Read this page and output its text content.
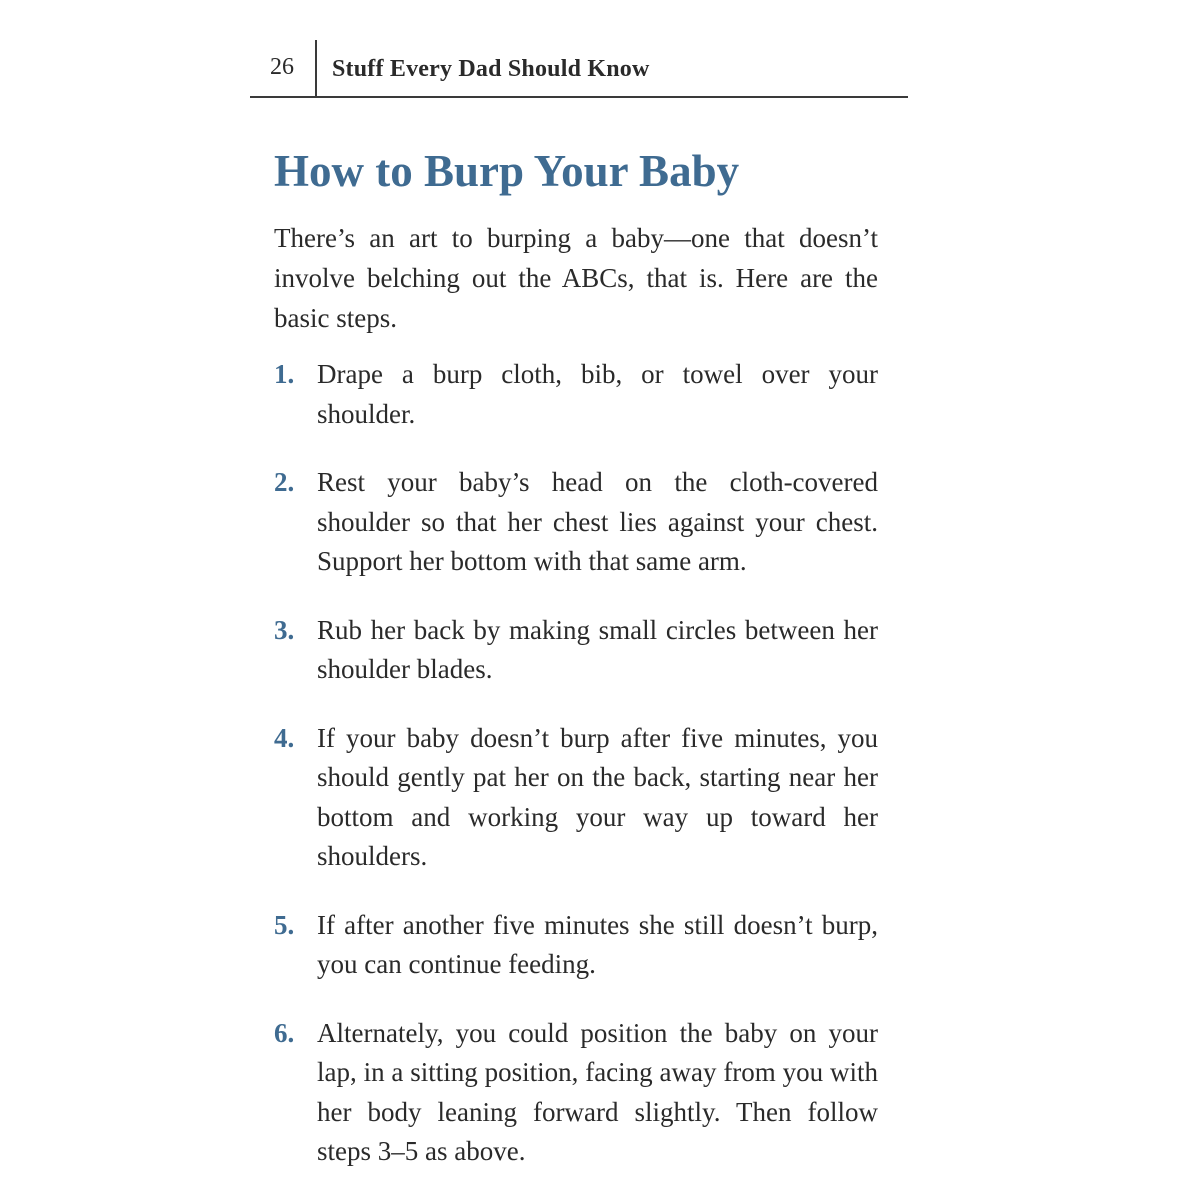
26 Stuff Every Dad Should Know
How to Burp Your Baby

There’s an art to burping a baby—one that doesn’t involve belching out the ABCs, that is. Here are the basic steps.

1. Drape a burp cloth, bib, or towel over your shoulder.
2. Rest your baby’s head on the cloth-covered shoulder so that her chest lies against your chest. Support her bottom with that same arm.
3. Rub her back by making small circles between her shoulder blades.
4. If your baby doesn’t burp after five minutes, you should gently pat her on the back, starting near her bottom and working your way up toward her shoulders.
5. If after another five minutes she still doesn’t burp, you can continue feeding.
6. Alternately, you could position the baby on your lap, in a sitting position, facing away from you with her body leaning forward slightly. Then follow steps 3–5 as above.
